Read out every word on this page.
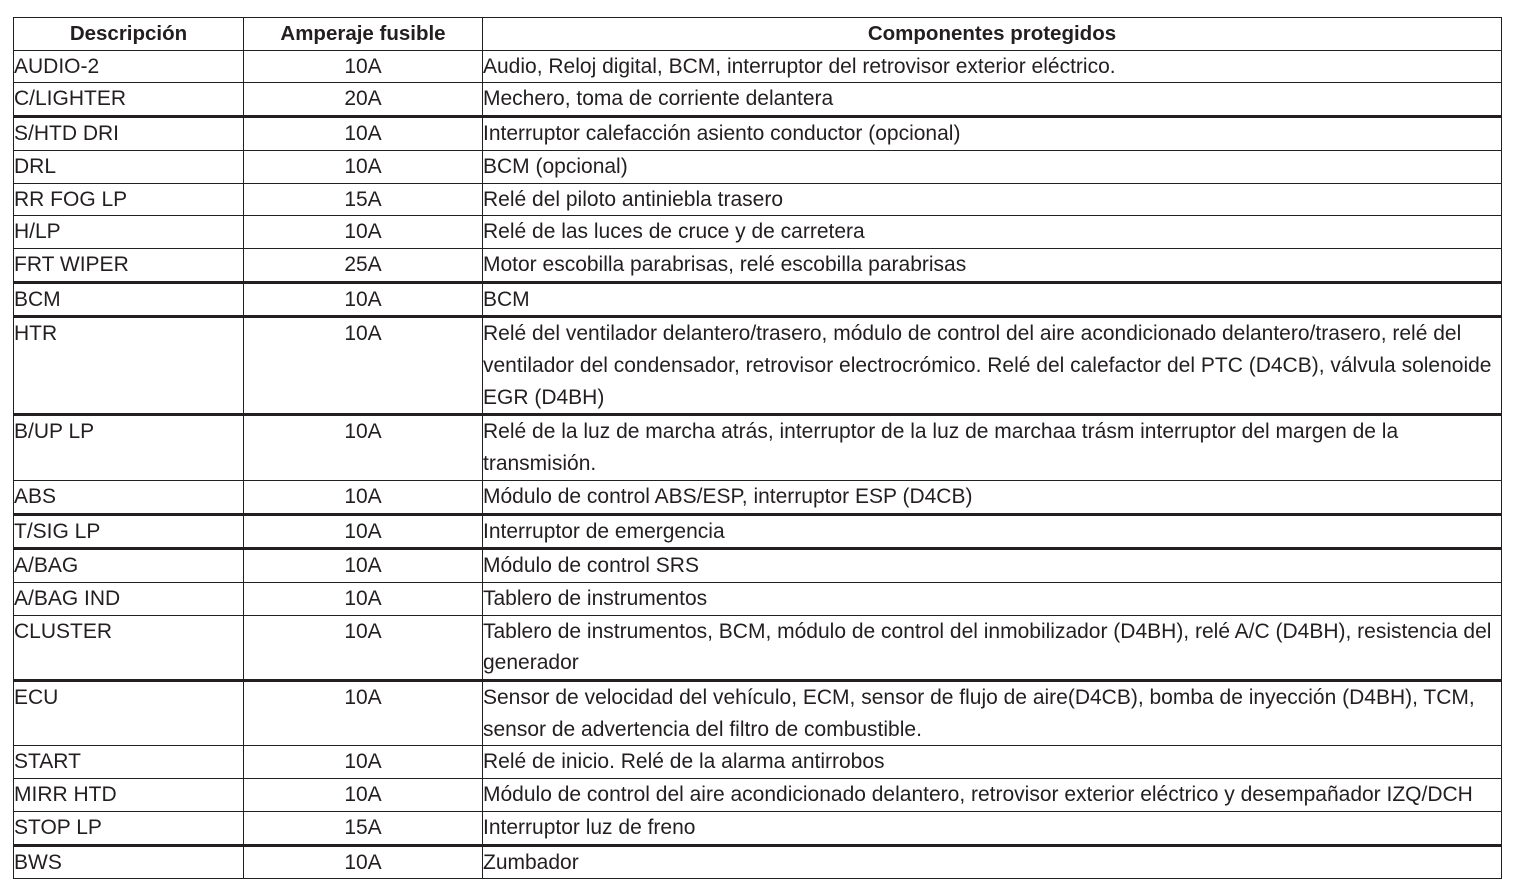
Descripción	Amperaje fusible	Componentes protegidos
AUDIO-2	10A	Audio, Reloj digital, BCM, interruptor del retrovisor exterior eléctrico.
C/LIGHTER	20A	Mechero, toma de corriente delantera
S/HTD DRI	10A	Interruptor calefacción asiento conductor (opcional)
DRL	10A	BCM (opcional)
RR FOG LP	15A	Relé del piloto antiniebla trasero
H/LP	10A	Relé de las luces de cruce y de carretera
FRT WIPER	25A	Motor escobilla parabrisas, relé escobilla parabrisas
BCM	10A	BCM
HTR	10A	Relé del ventilador delantero/trasero, módulo de control del aire acondicionado delantero/trasero, relé del ventilador del condensador, retrovisor electrocrómico. Relé del calefactor del PTC (D4CB), válvula solenoide EGR (D4BH)
B/UP LP	10A	Relé de la luz de marcha atrás, interruptor de la luz de marchaa trásm interruptor del margen de la transmisión.
ABS	10A	Módulo de control ABS/ESP, interruptor ESP (D4CB)
T/SIG LP	10A	Interruptor de emergencia
A/BAG	10A	Módulo de control SRS
A/BAG IND	10A	Tablero de instrumentos
CLUSTER	10A	Tablero de instrumentos, BCM, módulo de control del inmobilizador (D4BH), relé A/C (D4BH), resistencia del generador
ECU	10A	Sensor de velocidad del vehículo, ECM, sensor de flujo de aire(D4CB), bomba de inyección (D4BH), TCM, sensor de advertencia del filtro de combustible.
START	10A	Relé de inicio. Relé de la alarma antirrobos
MIRR HTD	10A	Módulo de control del aire acondicionado delantero, retrovisor exterior eléctrico y desempañador IZQ/DCH
STOP LP	15A	Interruptor luz de freno
BWS	10A	Zumbador
